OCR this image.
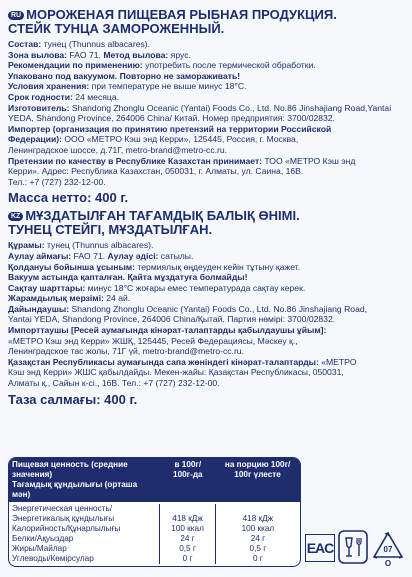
RU МОРОЖЕНАЯ ПИЩЕВАЯ РЫБНАЯ ПРОДУКЦИЯ.
СТЕЙК ТУНЦА ЗАМОРОЖЕННЫЙ.

Состав: тунец (Thunnus albacares).

Зона вылова: FAO 71. Метод вылова: ярус.

Рекомендации по применению: употребить после термической обработки.

Упаковано под вакуумом. Повторно не замораживать!

Условия хранения: при температуре не выше минус 18°С.

Срок годности: 24 месяца.

Изготовитель: Shandong Zhonglu Oceanic (Yantai) Foods Co., Ltd. No.86 Jinshajiang Road,Yantai
YEDA, Shandong Province, 264006 China/ Китай. Номер предприятия: 3700/02832.

Импортер (организация по принятию претензий на территории Российской
Федерации): ООО «МЕТРО Кэш энд Керри», 125445, Россия, г. Москва,
Ленинградское шоссе, д.71Г, metro-brand@metro-cc.ru.

Претензии по качеству в Республике Казахстан принимает: ТОО «МЕТРО Кэш энд
Керри». Адрес: Республика Казахстан, 050031, г. Алматы, ул. Саина, 16В.
Тел.: +7 (727) 232-12-00.

Масса нетто: 400 г.

KZ МҰЗДАТЫЛҒАН ТАҒАМДЫҚ БАЛЫҚ ӨНІМІ.
ТУНЕЦ СТЕЙГІ, МҰЗДАТЫЛҒАН.

Құрамы: тунец (Thunnus albacares).

Аулау аймағы: FAO 71. Аулау әдісі: сатылы.

Қолдануы бойынша ұсыным: термиялық өңдеуден кейін тұтыну қажет.

Вакуум астында қапталған. Қайта мұздатуға болмайды!

Сақтау шарттары: минус 18°С жоғары емес температурада сақтау керек.

Жарамдылық мерзімі: 24 ай.

Дайындаушы: Shandong Zhonglu Oceanic (Yantai) Foods Co., Ltd. No.86 Jinshajiang Road,
Yantai YEDA, Shandong Province, 264006 China/Қытай. Партия нөмірі: 3700/02832.

Импорттаушы [Ресей аумағында кінәрат-талаптарды қабылдаушы ұйым]:
«МЕТРО Кэш энд Керри» ЖШҚ, 125445, Ресей Федерациясы, Мәскеу қ.,
Ленинградское тас жолы, 71Г үй, metro-brand@metro-cc.ru.

Қазақстан Республикасы аумағында сапа жөніндегі кінәрат-талаптарды: «МЕТРО
Кэш энд Керри» ЖШС қабылдайды. Мекен-жайы: Қазақстан Республикасы, 050031,
Алматы қ., Сайын к-сі., 16В. Тел.: +7 (727) 232-12-00.

Таза салмағы: 400 г.

Пищевая ценность (средние значения)
Тағамдық құндылығы (орташа мән)
в 100г/
100г-да
на порцию 100г/
100г үлесте
Энергетическая ценность/
Энергетикалық құндылығы
Калорийность/Құнарлылығы
Белки/Ақуыздар
Жиры/Майлар
Углеводы/Көмірсулар
418 кДж
100 ккал
24 г
0,5 г
0 г
418 кДж
100 ккал
24 г
0,5 г
0 г
EAC	07
О
